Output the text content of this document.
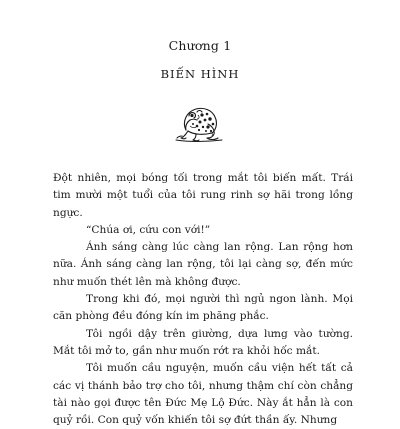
Chương 1
BIẾN HÌNH

Đột nhiên, mọi bóng tối trong mắt tôi biến mất. Trái tim mười một tuổi của tôi rung rinh sợ hãi trong lồng ngực.

“Chúa ơi, cứu con với!”

Ánh sáng càng lúc càng lan rộng. Lan rộng hơn nữa. Ánh sáng càng lan rộng, tôi lại càng sợ, đến mức như muốn thét lên mà không được.

Trong khi đó, mọi người thì ngủ ngon lành. Mọi căn phòng đều đóng kín im phăng phắc.

Tôi ngồi dậy trên giường, dựa lưng vào tường. Mắt tôi mở to, gần như muốn rớt ra khỏi hốc mắt.

Tôi muốn cầu nguyện, muốn cầu viện hết tất cả các vị thánh bảo trợ cho tôi, nhưng thậm chí còn chẳng tài nào gọi được tên Đức Mẹ Lộ Đức. Này ắt hẳn là con quỷ rồi. Con quỷ vốn khiến tôi sợ đứt thần ấy. Nhưng
